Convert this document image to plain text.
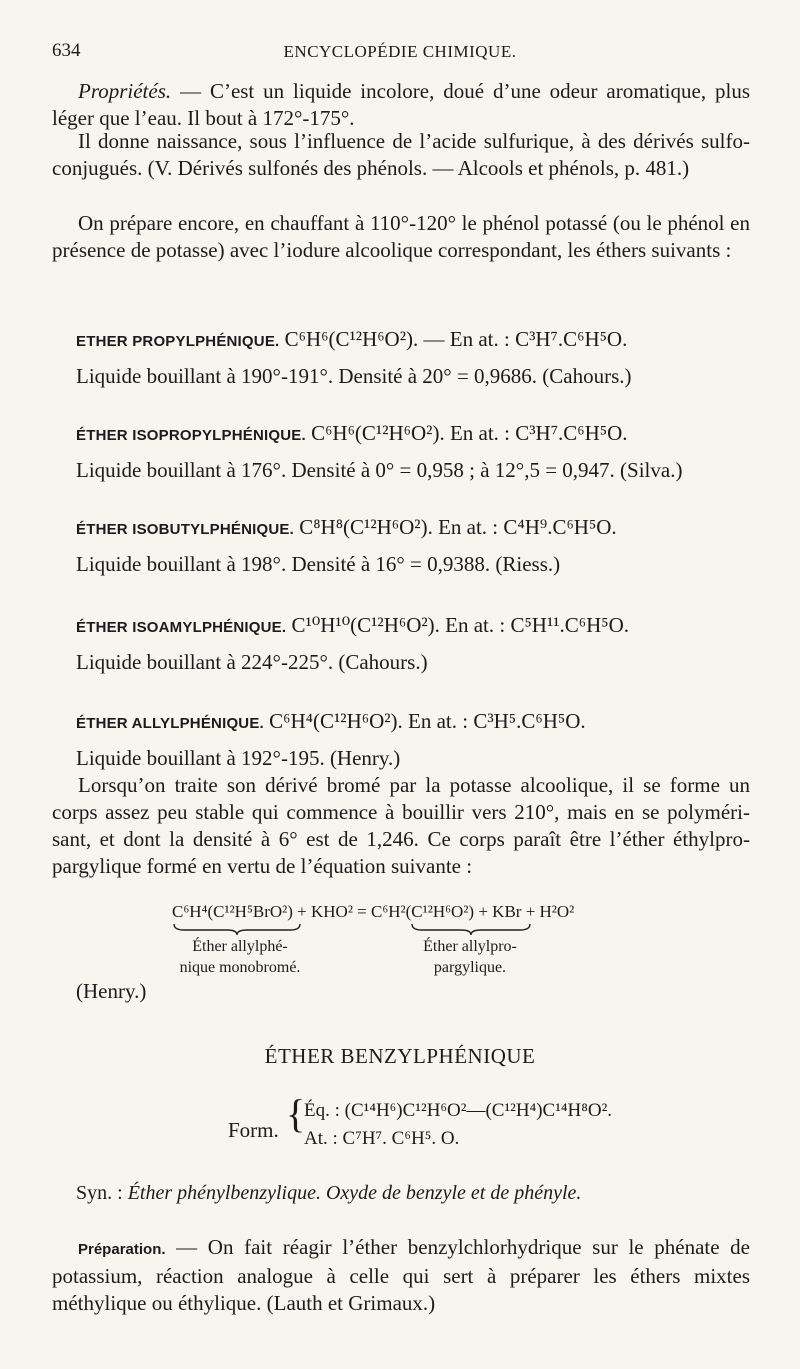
634	ENCYCLOPÉDIE CHIMIQUE.
Propriétés. — C’est un liquide incolore, doué d’une odeur aromatique, plus léger que l’eau. Il bout à 172°-175°.
Il donne naissance, sous l’influence de l’acide sulfurique, à des dérivés sulfo-conjugués. (V. Dérivés sulfonés des phénols. — Alcools et phénols, p. 481.)
On prépare encore, en chauffant à 110°-120° le phénol potassé (ou le phénol en présence de potasse) avec l’iodure alcoolique correspondant, les éthers suivants :
ETHER PROPYLPHÉNIQUE. C⁶H⁶(C¹²H⁶O²). — En at. : C³H⁷.C⁶H⁵O.
Liquide bouillant à 190°-191°. Densité à 20° = 0,9686. (Cahours.)
ÉTHER ISOPROPYLPHÉNIQUE. C⁶H⁶(C¹²H⁶O²). En at. : C³H⁷.C⁶H⁵O.
Liquide bouillant à 176°. Densité à 0° = 0,958 ; à 12°,5 = 0,947. (Silva.)
ÉTHER ISOBUTYLPHÉNIQUE. C⁸H⁸(C¹²H⁶O²). En at. : C⁴H⁹.C⁶H⁵O.
Liquide bouillant à 198°. Densité à 16° = 0,9388. (Riess.)
ÉTHER ISOAMYLPHÉNIQUE. C¹⁰H¹⁰(C¹²H⁶O²). En at. : C⁵H¹¹.C⁶H⁵O.
Liquide bouillant à 224°-225°. (Cahours.)
ÉTHER ALLYLPHÉNIQUE. C⁶H⁴(C¹²H⁶O²). En at. : C³H⁵.C⁶H⁵O.
Liquide bouillant à 192°-195. (Henry.)
Lorsqu’on traite son dérivé bromé par la potasse alcoolique, il se forme un corps assez peu stable qui commence à bouillir vers 210°, mais en se polyméri-sant, et dont la densité à 6° est de 1,246. Ce corps paraît être l’éther éthylpro-pargylique formé en vertu de l’équation suivante :
C⁶H⁴(C¹²H⁵BrO²) + KHO² = C⁶H²(C¹²H⁶O²) + KBr + H²O²
Éther allylphé-
nique monobromé.
Éther allylpro-
pargylique.
(Henry.)
ÉTHER BENZYLPHÉNIQUE
Form. {
Éq. : (C¹⁴H⁶)C¹²H⁶O²—(C¹²H⁴)C¹⁴H⁸O².
At. : C⁷H⁷. C⁶H⁵. O.
Syn. : Éther phénylbenzylique. Oxyde de benzyle et de phényle.
Préparation. — On fait réagir l’éther benzylchlorhydrique sur le phénate de potassium, réaction analogue à celle qui sert à préparer les éthers mixtes méthylique ou éthylique. (Lauth et Grimaux.)
